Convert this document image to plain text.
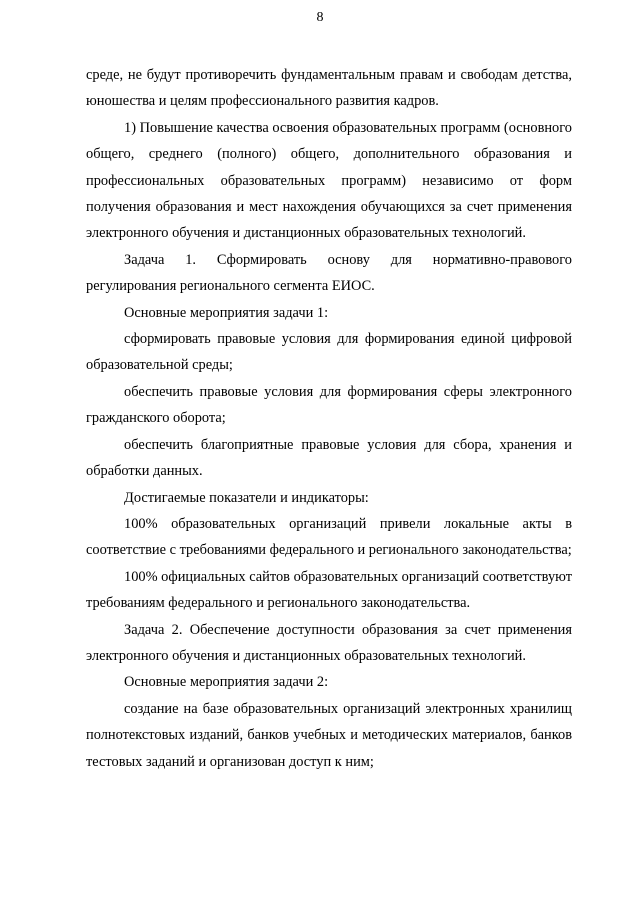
8

среде, не будут противоречить фундаментальным правам и свободам детства, юношества и целям профессионального развития кадров.

1) Повышение качества освоения образовательных программ (основного общего, среднего (полного) общего, дополнительного образования и профессиональных образовательных программ) независимо от форм получения образования и мест нахождения обучающихся за счет применения электронного обучения и дистанционных образовательных технологий.

Задача 1. Сформировать основу для нормативно-правового регулирования регионального сегмента ЕИОС.

Основные мероприятия задачи 1:

сформировать правовые условия для формирования единой цифровой образовательной среды;

обеспечить правовые условия для формирования сферы электронного гражданского оборота;

обеспечить благоприятные правовые условия для сбора, хранения и обработки данных.

Достигаемые показатели и индикаторы:

100% образовательных организаций привели локальные акты в соответствие с требованиями федерального и регионального законодательства;

100% официальных сайтов образовательных организаций соответствуют требованиям федерального и регионального законодательства.

Задача 2. Обеспечение доступности образования за счет применения электронного обучения и дистанционных образовательных технологий.

Основные мероприятия задачи 2:

создание на базе образовательных организаций электронных хранилищ полнотекстовых изданий, банков учебных и методических материалов, банков тестовых заданий и организован доступ к ним;
